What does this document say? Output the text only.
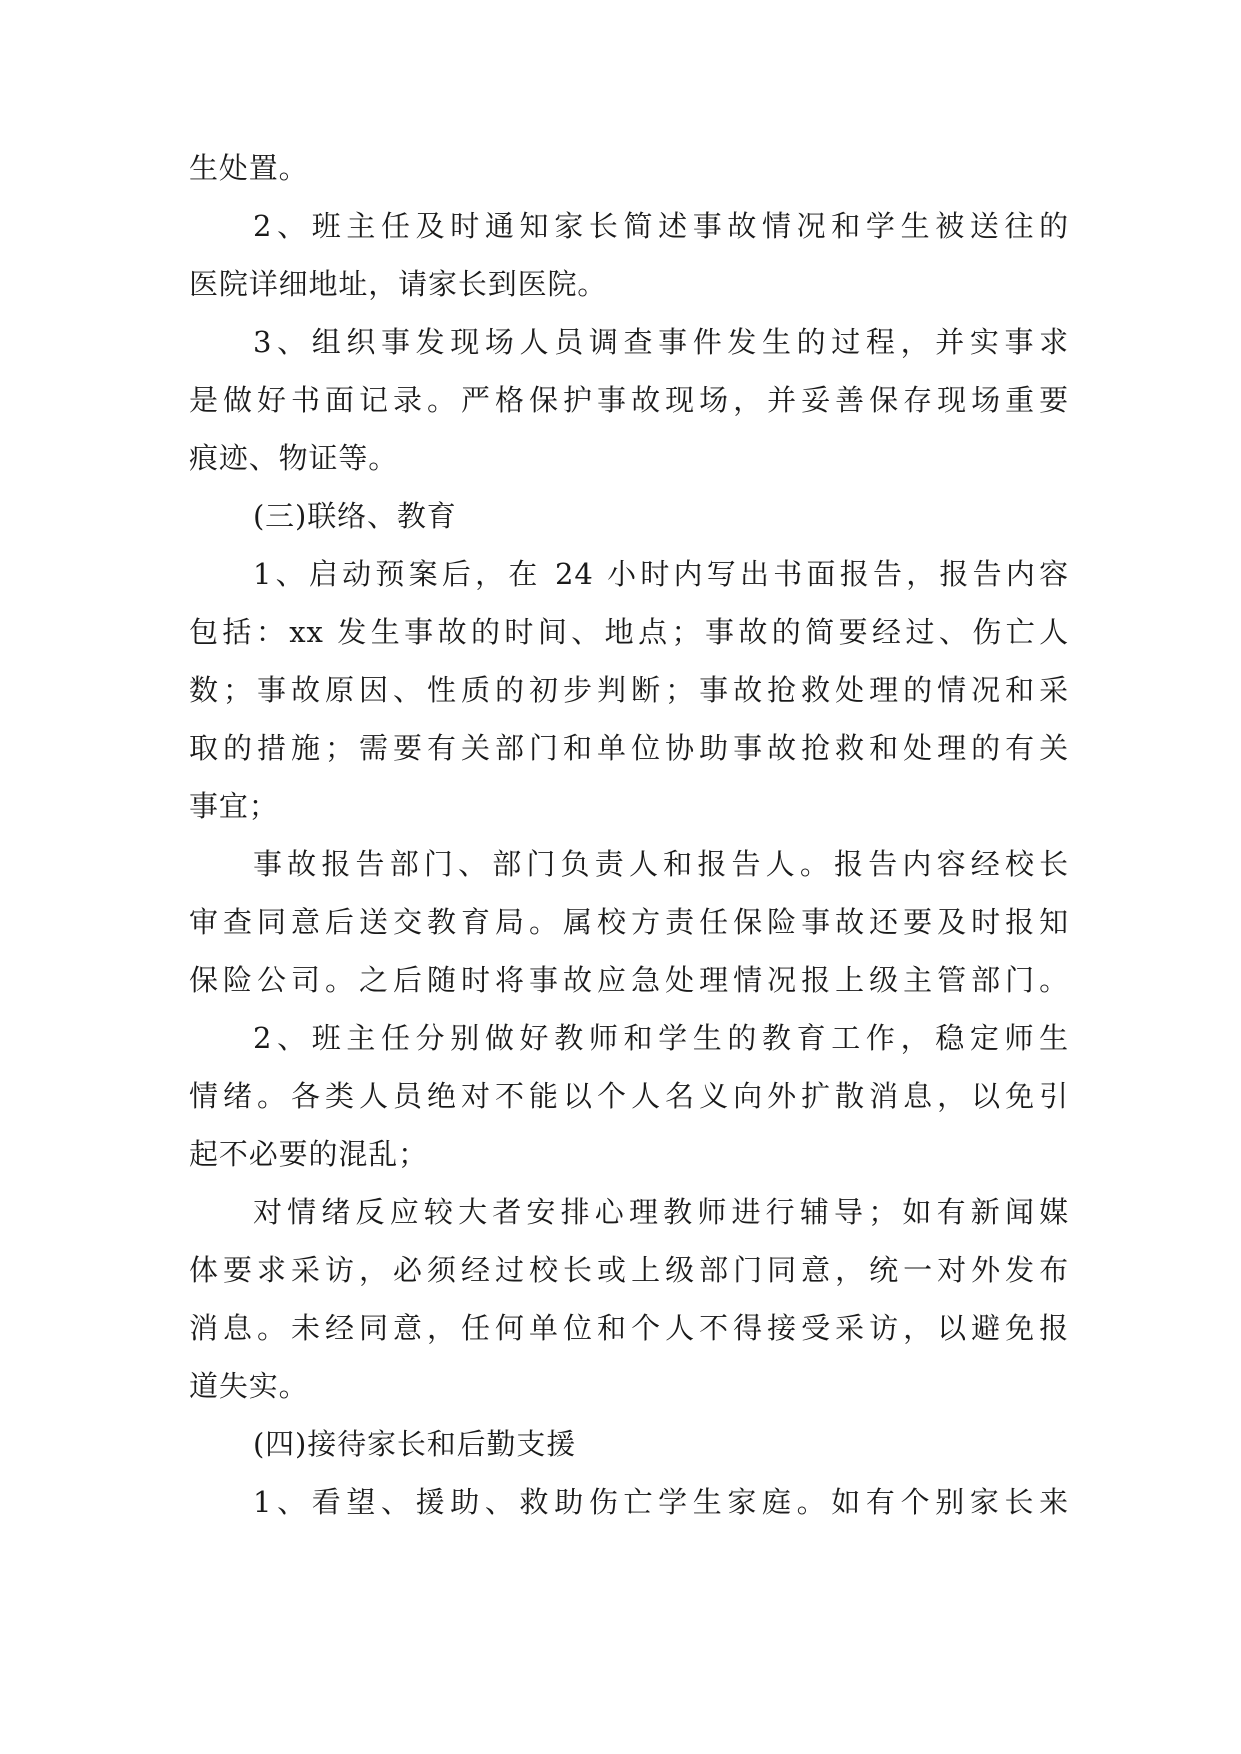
生处置。
2、班主任及时通知家长简述事故情况和学生被送往的
医院详细地址，请家长到医院。
3、组织事发现场人员调查事件发生的过程，并实事求
是做好书面记录。严格保护事故现场，并妥善保存现场重要
痕迹、物证等。
(三)联络、教育
1、启动预案后，在 24 小时内写出书面报告，报告内容
包括：xx 发生事故的时间、地点；事故的简要经过、伤亡人
数；事故原因、性质的初步判断；事故抢救处理的情况和采
取的措施；需要有关部门和单位协助事故抢救和处理的有关
事宜；
事故报告部门、部门负责人和报告人。报告内容经校长
审查同意后送交教育局。属校方责任保险事故还要及时报知
保险公司。之后随时将事故应急处理情况报上级主管部门。
2、班主任分别做好教师和学生的教育工作，稳定师生
情绪。各类人员绝对不能以个人名义向外扩散消息，以免引
起不必要的混乱；
对情绪反应较大者安排心理教师进行辅导；如有新闻媒
体要求采访，必须经过校长或上级部门同意，统一对外发布
消息。未经同意，任何单位和个人不得接受采访，以避免报
道失实。
(四)接待家长和后勤支援
1、看望、援助、救助伤亡学生家庭。如有个别家长来
